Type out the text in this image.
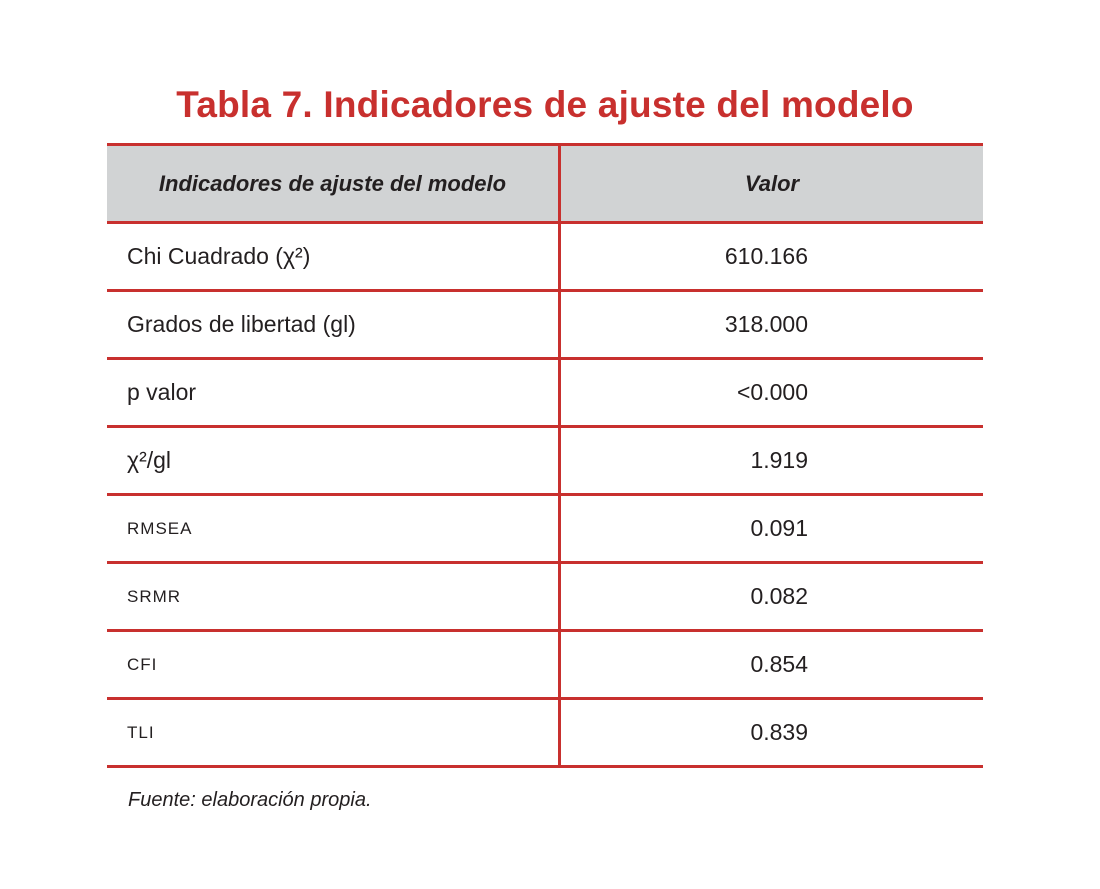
Tabla 7. Indicadores de ajuste del modelo
Indicadores de ajuste del modelo	Valor
Chi Cuadrado (χ²)	610.166
Grados de libertad (gl)	318.000
p valor	<0.000
χ²/gl	1.919
RMSEA	0.091
SRMR	0.082
CFI	0.854
TLI	0.839
Fuente: elaboración propia.
